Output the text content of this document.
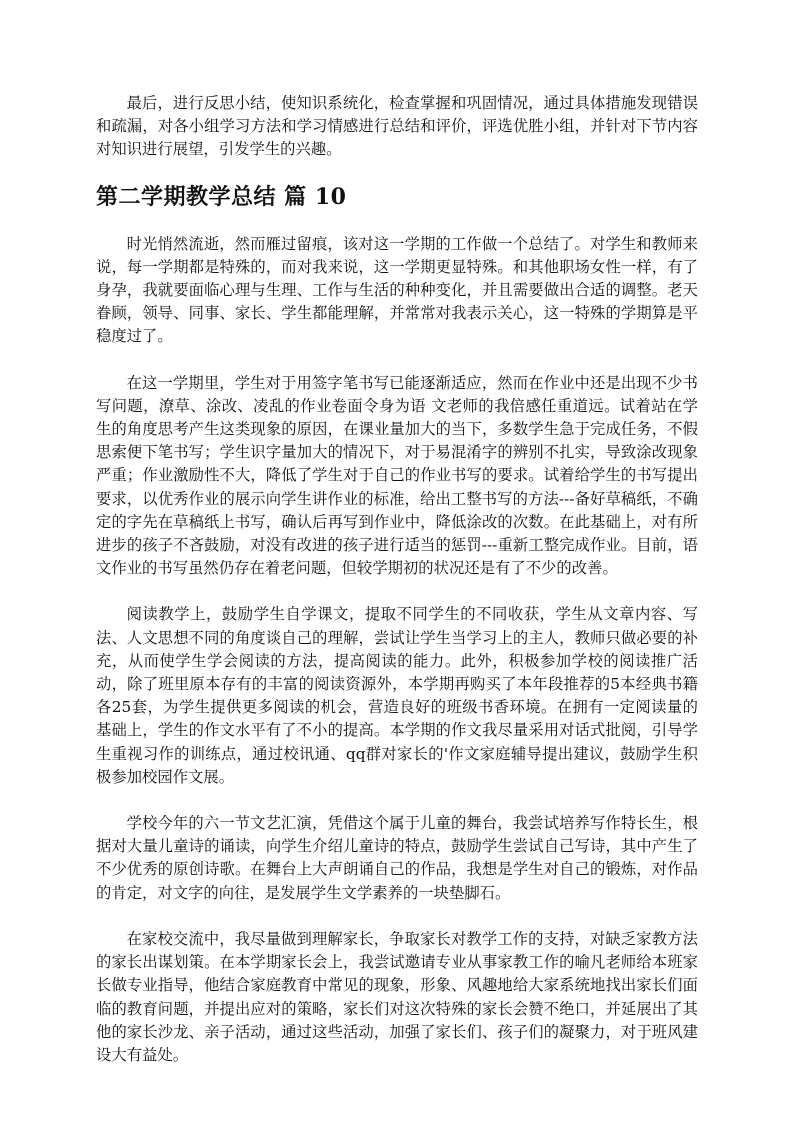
最后，进行反思小结，使知识系统化，检查掌握和巩固情况，通过具体措施发现错误和疏漏，对各小组学习方法和学习情感进行总结和评价，评选优胜小组，并针对下节内容对知识进行展望，引发学生的兴趣。

第二学期教学总结 篇 10

时光悄然流逝，然而雁过留痕，该对这一学期的工作做一个总结了。对学生和教师来说，每一学期都是特殊的，而对我来说，这一学期更显特殊。和其他职场女性一样，有了身孕，我就要面临心理与生理、工作与生活的种种变化，并且需要做出合适的调整。老天眷顾，领导、同事、家长、学生都能理解，并常常对我表示关心，这一特殊的学期算是平稳度过了。

在这一学期里，学生对于用签字笔书写已能逐渐适应，然而在作业中还是出现不少书写问题，潦草、涂改、凌乱的作业卷面令身为语 文老师的我倍感任重道远。试着站在学生的角度思考产生这类现象的原因，在课业量加大的当下，多数学生急于完成任务，不假思索便下笔书写；学生识字量加大的情况下，对于易混淆字的辨别不扎实，导致涂改现象严重；作业激励性不大，降低了学生对于自己的作业书写的要求。试着给学生的书写提出要求，以优秀作业的展示向学生讲作业的标准，给出工整书写的方法---备好草稿纸，不确定的字先在草稿纸上书写，确认后再写到作业中，降低涂改的次数。在此基础上，对有所进步的孩子不吝鼓励，对没有改进的孩子进行适当的惩罚---重新工整完成作业。目前，语文作业的书写虽然仍存在着老问题，但较学期初的状况还是有了不少的改善。

阅读教学上，鼓励学生自学课文，提取不同学生的不同收获，学生从文章内容、写法、人文思想不同的角度谈自己的理解，尝试让学生当学习上的主人，教师只做必要的补充，从而使学生学会阅读的方法，提高阅读的能力。此外，积极参加学校的阅读推广活动，除了班里原本存有的丰富的阅读资源外，本学期再购买了本年段推荐的5本经典书籍各25套，为学生提供更多阅读的机会，营造良好的班级书香环境。在拥有一定阅读量的基础上，学生的作文水平有了不小的提高。本学期的作文我尽量采用对话式批阅，引导学生重视习作的训练点，通过校讯通、qq群对家长的'作文家庭辅导提出建议，鼓励学生积极参加校园作文展。

学校今年的六一节文艺汇演，凭借这个属于儿童的舞台，我尝试培养写作特长生，根据对大量儿童诗的诵读，向学生介绍儿童诗的特点，鼓励学生尝试自己写诗，其中产生了不少优秀的原创诗歌。在舞台上大声朗诵自己的作品，我想是学生对自己的锻炼，对作品的肯定，对文字的向往，是发展学生文学素养的一块垫脚石。

在家校交流中，我尽量做到理解家长，争取家长对教学工作的支持，对缺乏家教方法的家长出谋划策。在本学期家长会上，我尝试邀请专业从事家教工作的喻凡老师给本班家长做专业指导，他结合家庭教育中常见的现象，形象、风趣地给大家系统地找出家长们面临的教育问题，并提出应对的策略，家长们对这次特殊的家长会赞不绝口，并延展出了其他的家长沙龙、亲子活动，通过这些活动，加强了家长们、孩子们的凝聚力，对于班风建设大有益处。
